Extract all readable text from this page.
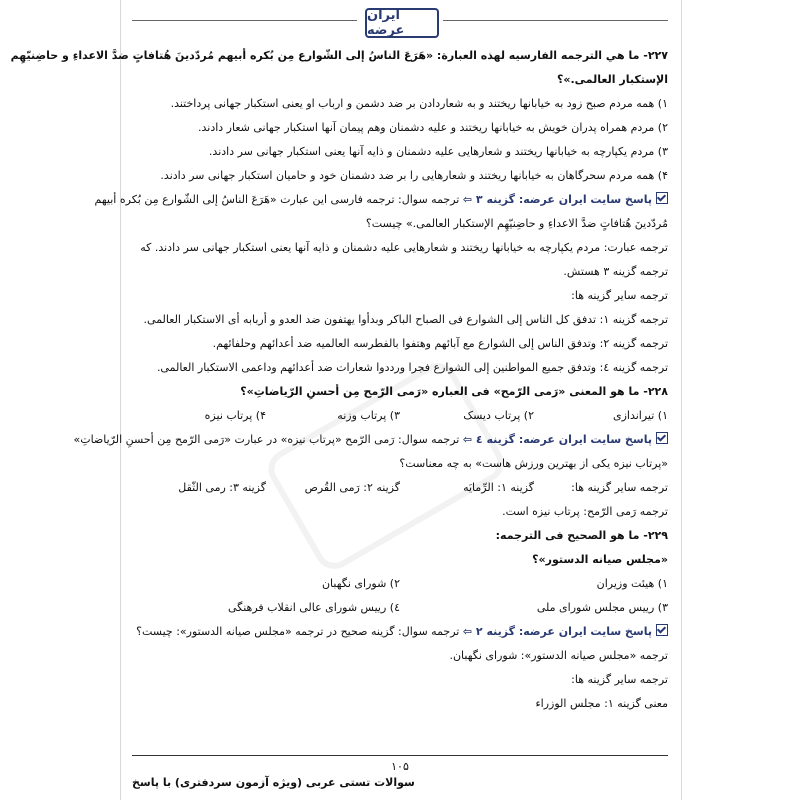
ایران عرضه
۲۲۷- ما هي الترجمه الفارسيه لهذه العبارة: «هَرَعَ الناسُ إلی الشّوارع مِن بُكره أبيهم مُردّدينَ هُتافاتٍ ضدَّ الاعداءِ و حاضِنيّهِم
الإستكبار العالمی.»؟
۱) همه مردم صبح زود به خیابانها ریختند و به شعاردادن بر ضد دشمن و ارباب او یعنی استکبار جهانی پرداختند.
۲) مردم همراه پدران خویش به خیابانها ریختند و علیه دشمنان وهم پیمان آنها استکبار جهانی شعار دادند.
۳) مردم یکپارچه به خیابانها ریختند و شعارهایی علیه دشمنان و ذایه آنها یعنی استکبار جهانی سر دادند.
۴) همه مردم سحرگاهان به خیابانها ریختند و شعارهایی را بر ضد دشمنان خود و حامیان استکبار جهانی سر دادند.
پاسخ سایت ایران عرضه: گزینه ۳ ⇦ ترجمه سوال: ترجمه فارسی این عبارت «هَرَعَ الناسُ إلی الشّوارع مِن بُكره أبيهم
مُردّدينَ هُتافاتٍ ضدَّ الاعداءِ و حاضِنيّهِم الإستكبار العالمی.» چیست؟
ترجمه عبارت: مردم یکپارچه به خیابانها ریختند و شعارهایی علیه دشمنان و ذایه آنها یعنی استکبار جهانی سر دادند. که
ترجمه گزینه ۳ هستش.
ترجمه سایر گزینه ها:
ترجمه گزینه ۱: تدفق کل الناس إلی الشوارع فی الصباح الباكر وبدأوا يهتفون ضد العدو و أربابه أی الاستكبار العالمی.
ترجمه گزینه ۲: وتدفق الناس إلی الشوارع مع آبائهم وهتفوا بالفطرسه العالميه ضد أعدائهم وحلفائهم.
ترجمه گزینه ٤: وتدفق جميع المواطنين إلی الشوارع فجرا ورددوا شعارات ضد أعدائهم وداعمی الاستكبار العالمی.
۲۲۸- ما هو المعنی «رَمی الرّمح» فی العباره «رَمی الرّمح مِن أحسنِ الرّياضاتِ»؟
۱) تیراندازی
۲) پرتاب دیسک
۳) پرتاب وزنه
۴) پرتاب نیزه
پاسخ سایت ایران عرضه: گزینه ٤ ⇦ ترجمه سوال: رَمی الرّمح «پرتاب نیزه» در عبارت «رَمی الرّمح مِن أحسنِ الرّياضاتِ»
«پرتاب نیزه یکی از بهترین ورزش هاست» به چه معناست؟
ترجمه سایر گزینه ها:
گزینه ۱: الرِّمايَه
گزینه ۲: رَمی القُرص
گزینه ۳: رمی الثّقل
ترجمه رَمی الرّمح: پرتاب نیزه است.
۲۲۹- ما هو الصحيح فی الترجمه:
«مجلس صيانه الدستور»؟
۱) هیئت وزیران
۲) شورای نگهبان
۳) رییس مجلس شورای ملی
٤) رییس شورای عالی انقلاب فرهنگی
پاسخ سایت ایران عرضه: گزینه ۲ ⇦ ترجمه سوال: گزینه صحیح در ترجمه «مجلس صيانه الدستور»: چیست؟
ترجمه «مجلس صيانه الدستور»: شورای نگهبان.
ترجمه سایر گزینه ها:
معنی گزینه ۱: مجلس الوزراء
۱۰۵
سوالات تستی عربی (ویژه آزمون سردفتری) با پاسخ
